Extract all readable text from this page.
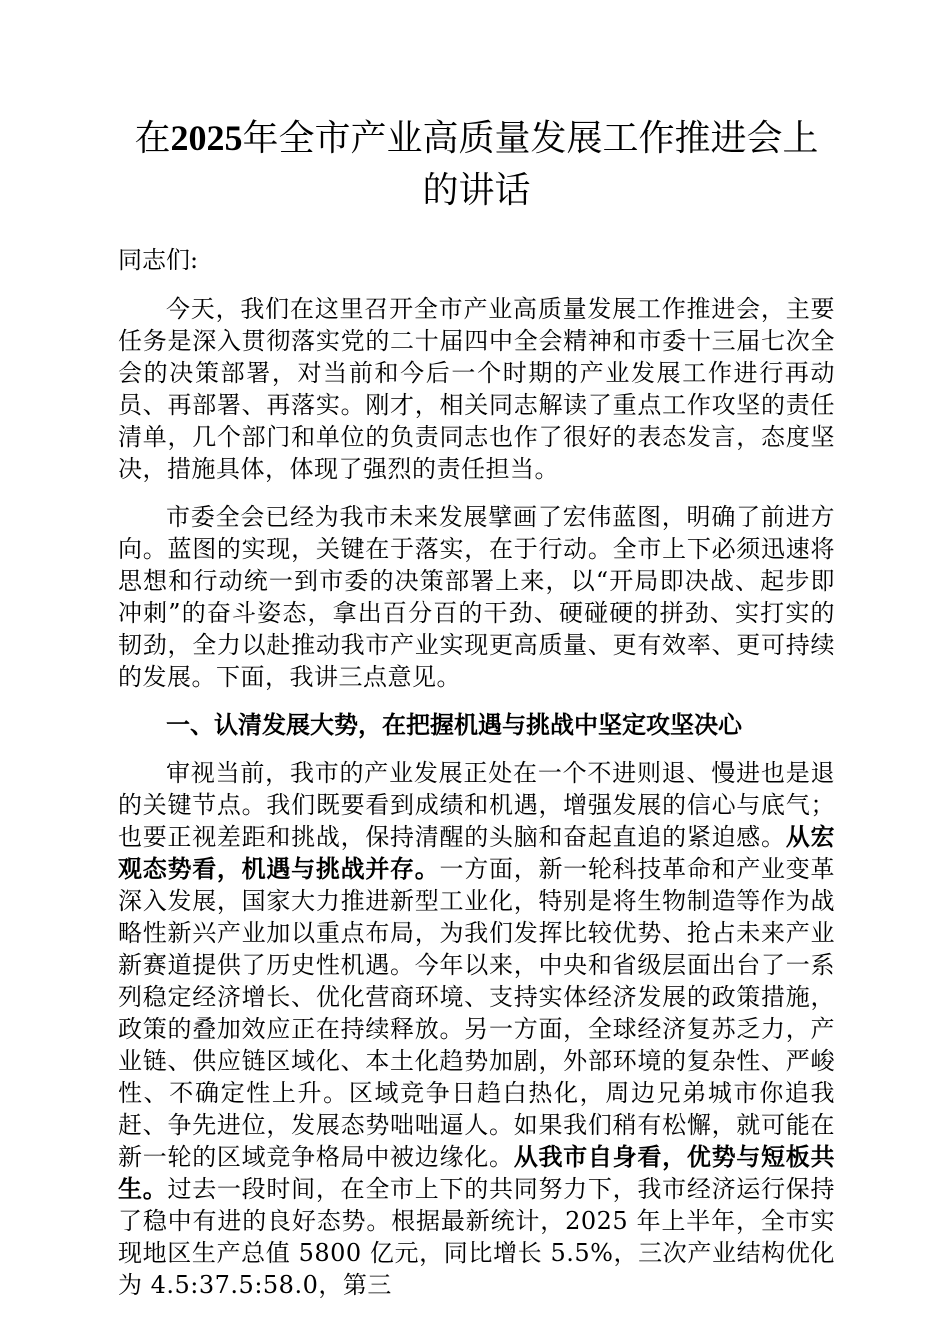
在2025年全市产业高质量发展工作推进会上的讲话

同志们:

今天，我们在这里召开全市产业高质量发展工作推进会，主要任务是深入贯彻落实党的二十届四中全会精神和市委十三届七次全会的决策部署，对当前和今后一个时期的产业发展工作进行再动员、再部署、再落实。刚才，相关同志解读了重点工作攻坚的责任清单，几个部门和单位的负责同志也作了很好的表态发言，态度坚决，措施具体，体现了强烈的责任担当。

市委全会已经为我市未来发展擘画了宏伟蓝图，明确了前进方向。蓝图的实现，关键在于落实，在于行动。全市上下必须迅速将思想和行动统一到市委的决策部署上来，以“开局即决战、起步即冲刺”的奋斗姿态，拿出百分百的干劲、硬碰硬的拼劲、实打实的韧劲，全力以赴推动我市产业实现更高质量、更有效率、更可持续的发展。下面，我讲三点意见。

一、认清发展大势，在把握机遇与挑战中坚定攻坚决心

审视当前，我市的产业发展正处在一个不进则退、慢进也是退的关键节点。我们既要看到成绩和机遇，增强发展的信心与底气；也要正视差距和挑战，保持清醒的头脑和奋起直追的紧迫感。从宏观态势看，机遇与挑战并存。一方面，新一轮科技革命和产业变革深入发展，国家大力推进新型工业化，特别是将生物制造等作为战略性新兴产业加以重点布局，为我们发挥比较优势、抢占未来产业新赛道提供了历史性机遇。今年以来，中央和省级层面出台了一系列稳定经济增长、优化营商环境、支持实体经济发展的政策措施，政策的叠加效应正在持续释放。另一方面，全球经济复苏乏力，产业链、供应链区域化、本土化趋势加剧，外部环境的复杂性、严峻性、不确定性上升。区域竞争日趋白热化，周边兄弟城市你追我赶、争先进位，发展态势咄咄逼人。如果我们稍有松懈，就可能在新一轮的区域竞争格局中被边缘化。从我市自身看，优势与短板共生。过去一段时间，在全市上下的共同努力下，我市经济运行保持了稳中有进的良好态势。根据最新统计，2025 年上半年，全市实现地区生产总值 5800 亿元，同比增长 5.5%，三次产业结构优化为 4.5:37.5:58.0，第三
